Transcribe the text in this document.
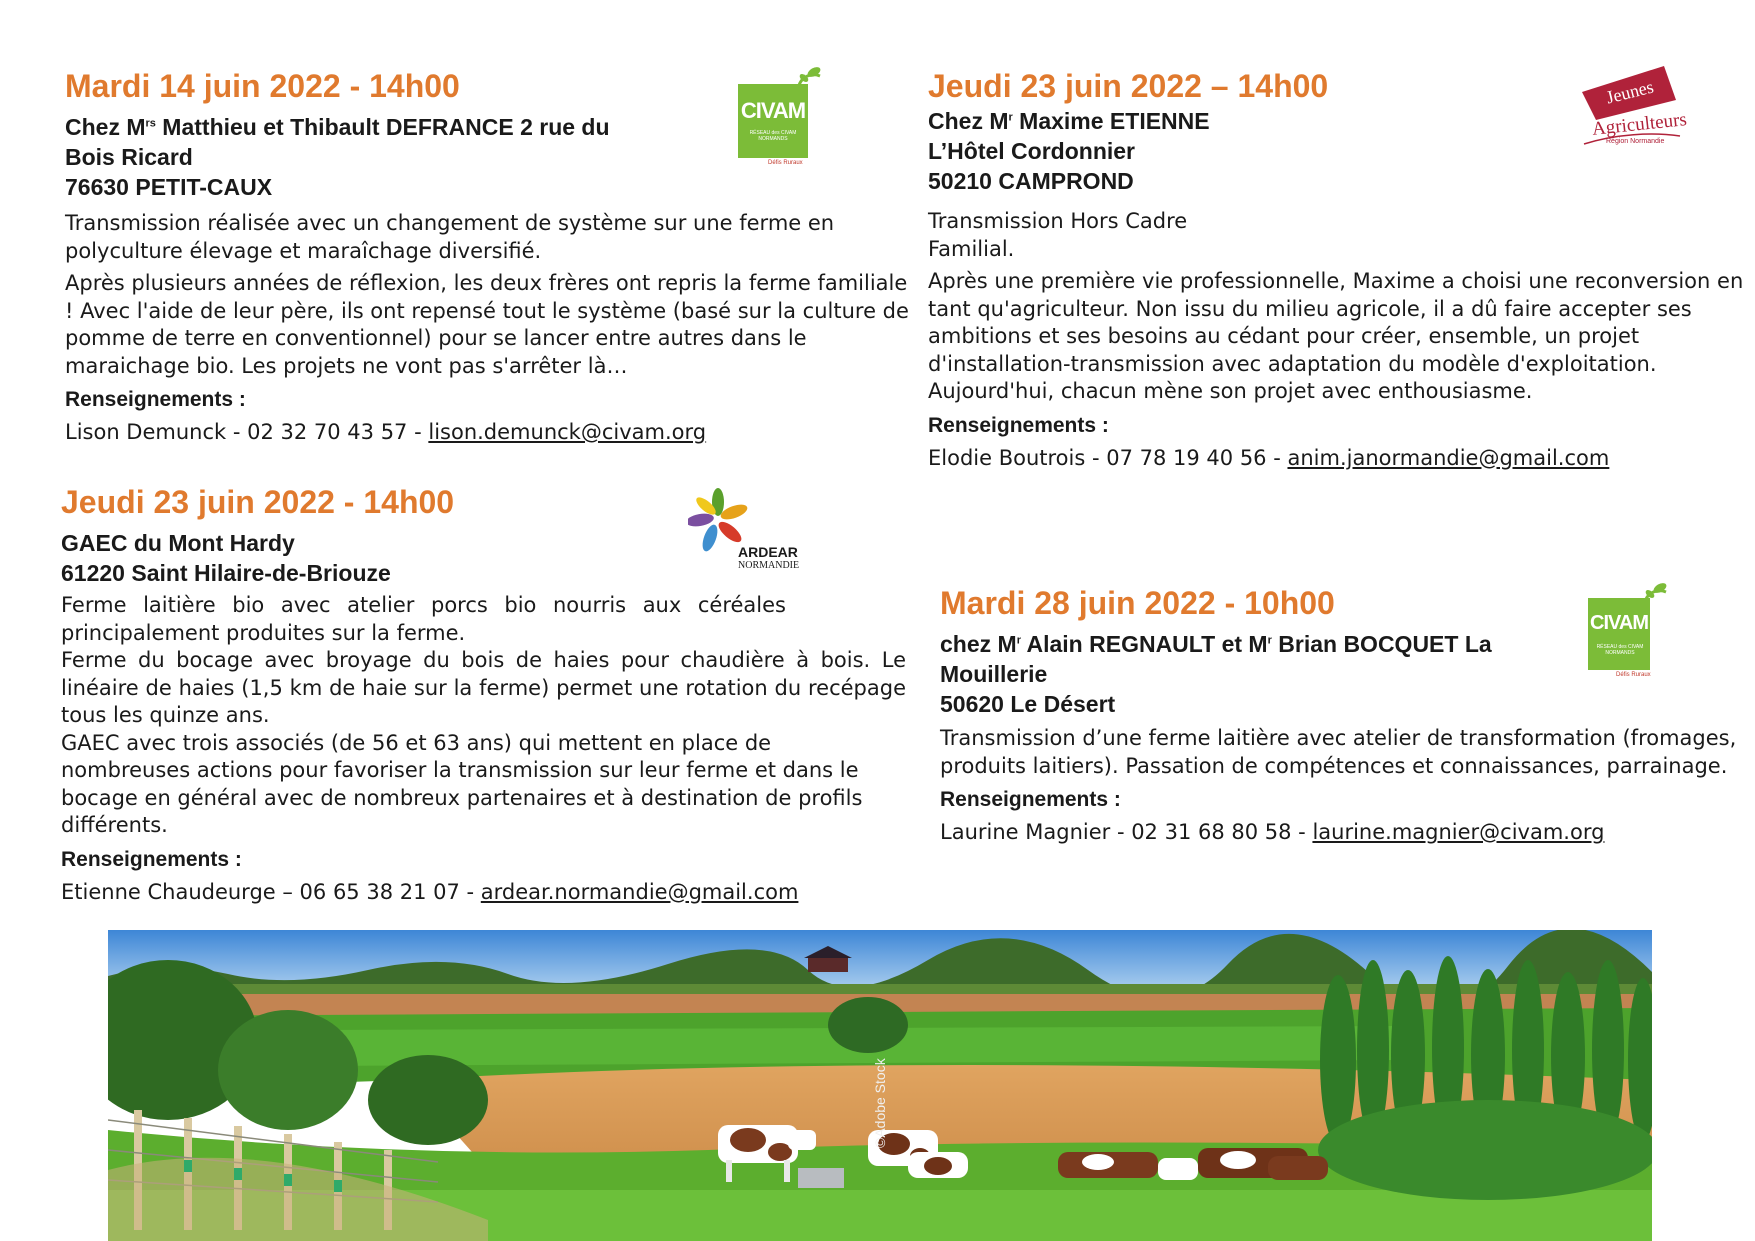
Mardi 14 juin 2022 - 14h00
Chez $M^{rs}$ Matthieu et Thibault DEFRANCE 2 rue du
Bois Ricard
76630 PETIT-CAUX

Transmission réalisée avec un changement de système sur une ferme en polyculture élevage et maraîchage diversifié.

Après plusieurs années de réflexion, les deux frères ont repris la ferme familiale ! Avec l'aide de leur père, ils ont repensé tout le système (basé sur la culture de pomme de terre en conventionnel) pour se lancer entre autres dans le maraichage bio. Les projets ne vont pas s'arrêter là…

Renseignements :
Lison Demunck - 02 32 70 43 57 - lison.demunck@civam.org
CIVAM
RÉSEAU des CIVAM NORMANDS
Défis Ruraux
Jeudi 23 juin 2022 – 14h00
Chez $M^r$ Maxime ETIENNE
L’Hôtel Cordonnier
50210 CAMPROND

Transmission Hors Cadre
Familial.

Après une première vie professionnelle, Maxime a choisi une reconversion en tant qu'agriculteur. Non issu du milieu agricole, il a dû faire accepter ses ambitions et ses besoins au cédant pour créer, ensemble, un projet d'installation-transmission avec adaptation du modèle d'exploitation. Aujourd'hui, chacun mène son projet avec enthousiasme.

Renseignements :
Elodie Boutrois - 07 78 19 40 56 - anim.janormandie@gmail.com
Jeunes
Agriculteurs
Région Normandie
Jeudi 23 juin 2022 - 14h00
GAEC du Mont Hardy
61220 Saint Hilaire-de-Briouze

Ferme laitière bio avec atelier porcs bio nourris aux céréales principalement produites sur la ferme.

Ferme du bocage avec broyage du bois de haies pour chaudière à bois. Le linéaire de haies (1,5 km de haie sur la ferme) permet une rotation du recépage tous les quinze ans.

GAEC avec trois associés (de 56 et 63 ans) qui mettent en place de nombreuses actions pour favoriser la transmission sur leur ferme et dans le bocage en général avec de nombreux partenaires et à destination de profils différents.

Renseignements :
Etienne Chaudeurge – 06 65 38 21 07 - ardear.normandie@gmail.com
ARDEAR
NORMANDIE
Mardi 28 juin 2022 - 10h00
chez $M^r$ Alain REGNAULT et $M^r$ Brian BOCQUET La
Mouillerie
50620 Le Désert

Transmission d’une ferme laitière avec atelier de transformation (fromages, produits laitiers). Passation de compétences et connaissances, parrainage.

Renseignements :
Laurine Magnier - 02 31 68 80 58 - laurine.magnier@civam.org
CIVAM
RÉSEAU des CIVAM NORMANDS
Défis Ruraux
©Adobe Stock
